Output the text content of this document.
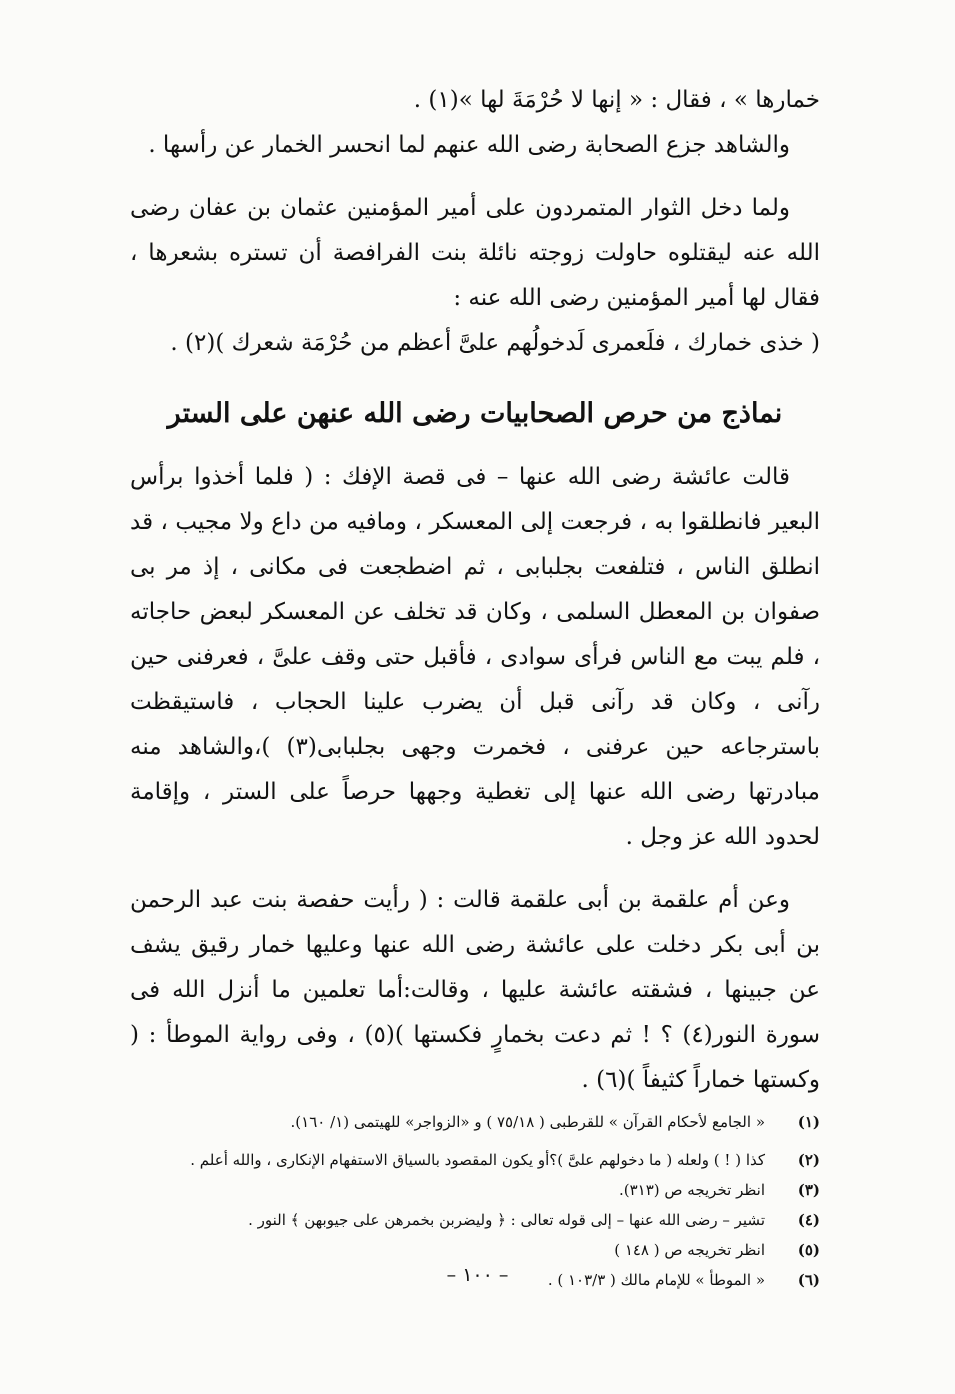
خمارها » ، فقال : « إنها لا حُرْمَةَ لها »(١) .

والشاهد جزع الصحابة رضى الله عنهم لما انحسر الخمار عن رأسها .

ولما دخل الثوار المتمردون على أمير المؤمنين عثمان بن عفان رضى الله عنه ليقتلوه حاولت زوجته نائلة بنت الفرافصة أن تستره بشعرها ، فقال لها أمير المؤمنين رضى الله عنه :

( خذى خمارك ، فلَعمرى لَدخولُهم علىَّ أعظم من حُرْمَة شعرك )(٢) .

نماذج من حرص الصحابيات رضى الله عنهن على الستر

قالت عائشة رضى الله عنها – فى قصة الإفك : ( فلما أخذوا برأس البعير فانطلقوا به ، فرجعت إلى المعسكر ، ومافيه من داع ولا مجيب ، قد انطلق الناس ، فتلفعت بجلبابى ، ثم اضطجعت فى مكانى ، إذ مر بى صفوان بن المعطل السلمى ، وكان قد تخلف عن المعسكر لبعض حاجاته ، فلم يبت مع الناس فرأى سوادى ، فأقبل حتى وقف علىَّ ، فعرفنى حين رآنى ، وكان قد رآنى قبل أن يضرب علينا الحجاب ، فاستيقظت باسترجاعه حين عرفنى ، فخمرت وجهى بجلبابى(٣) )،والشاهد منه مبادرتها رضى الله عنها إلى تغطية وجهها حرصاً على الستر ، وإقامة لحدود الله عز وجل .

وعن أم علقمة بن أبى علقمة قالت : ( رأيت حفصة بنت عبد الرحمن بن أبى بكر دخلت على عائشة رضى الله عنها وعليها خمار رقيق يشف عن جبينها ، فشقته عائشة عليها ، وقالت:أما تعلمين ما أنزل الله فى سورة النور(٤) ؟ ! ثم دعت بخمارٍ فكستها )(٥) ، وفى رواية الموطأ : ( وكستها خماراً كثيفاً )(٦) .

(١)
« الجامع لأحكام القرآن » للقرطبى ( ٧٥/١٨ ) و «الزواجر» للهيتمى (١/ ١٦٠).
(٢)
كذا ( ! ) ولعله ( ما دخولهم علىَّ )؟أو يكون المقصود بالسياق الاستفهام الإنكارى ، والله أعلم .
(٣)
انظر تخريجه ص (٣١٣).
(٤)
تشير – رضى الله عنها – إلى قوله تعالى : ﴿ وليضربن بخمرهن على جيوبهن ﴾ النور .
(٥)
انظر تخريجه ص ( ١٤٨ )
(٦)
« الموطأ » للإمام مالك ( ١٠٣/٣ ) .
– ١٠٠ –
